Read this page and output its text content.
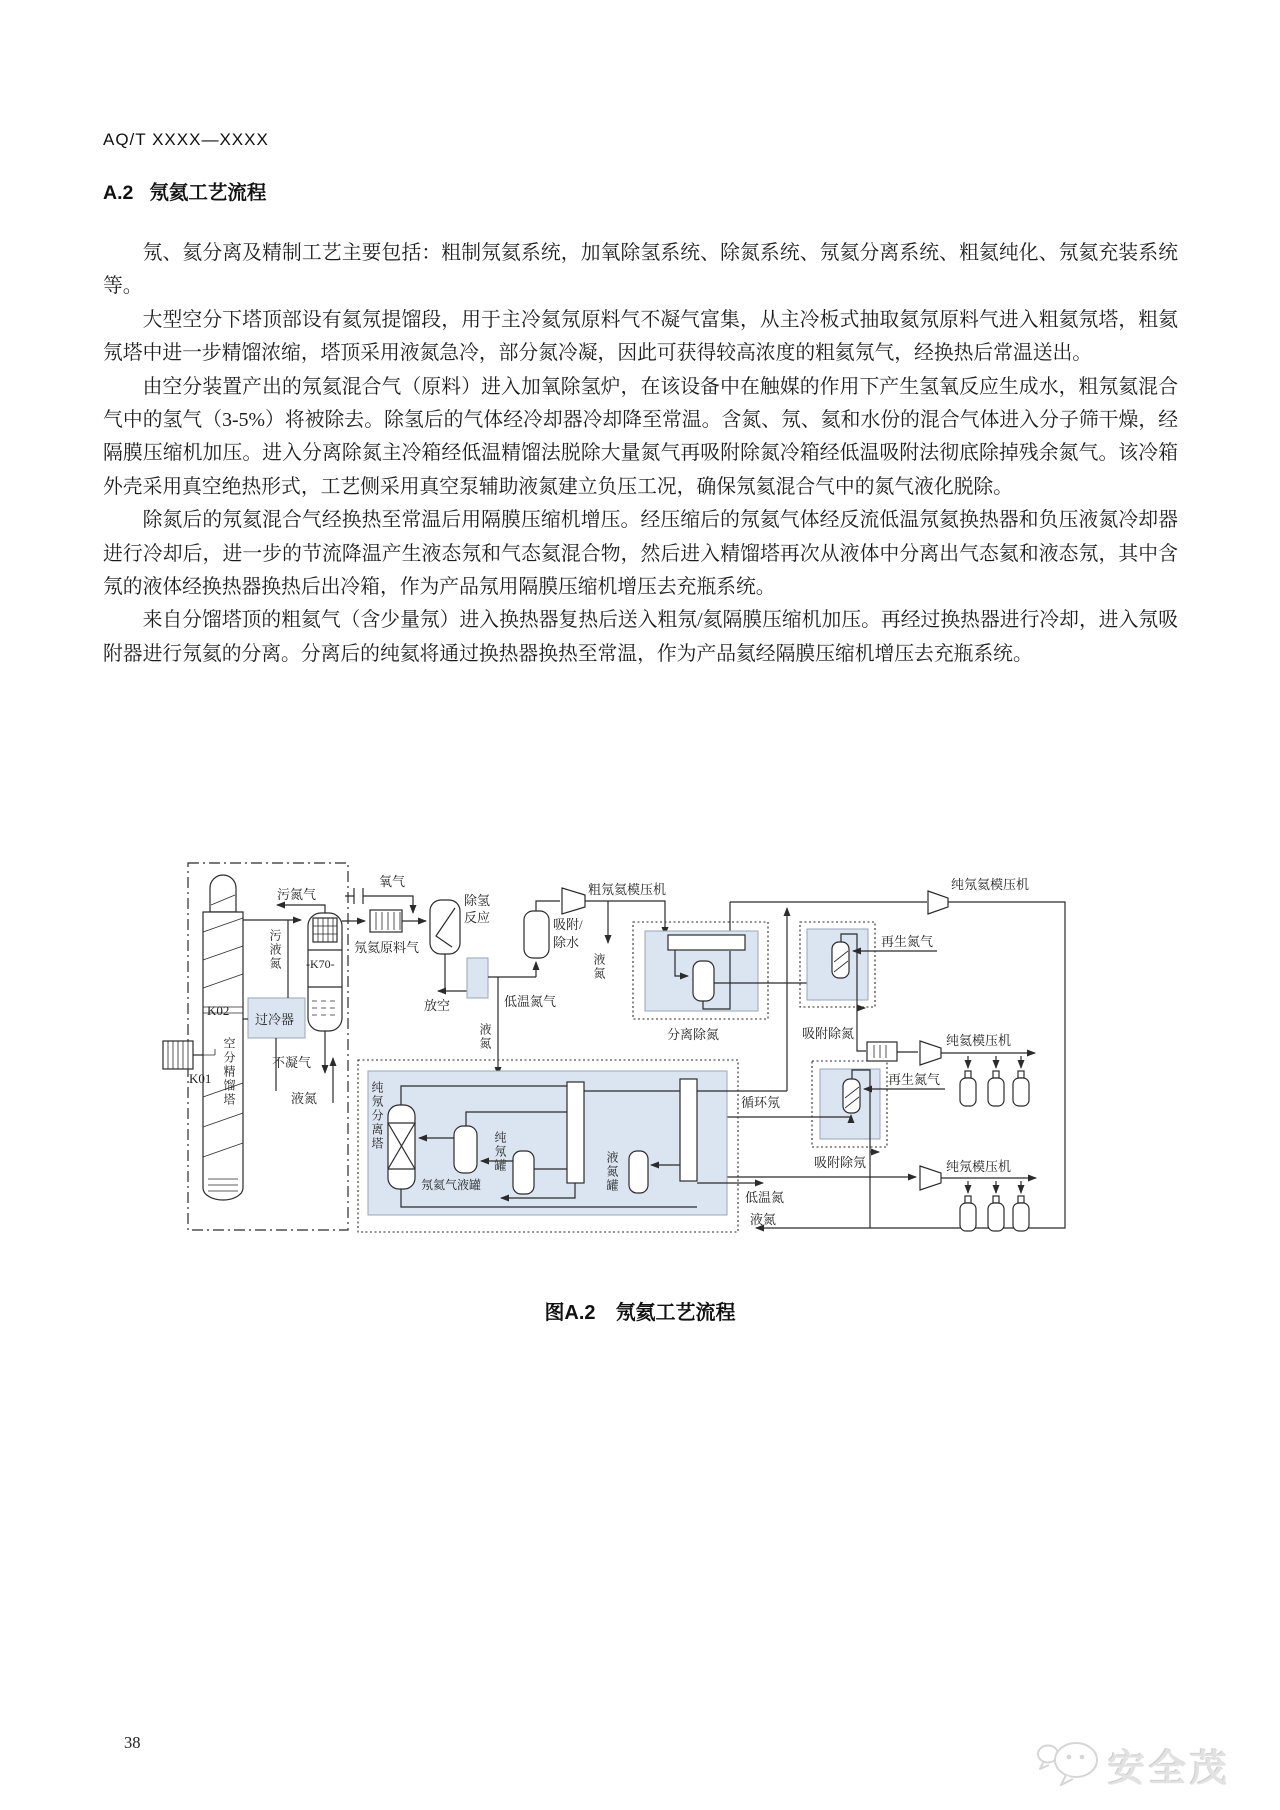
AQ/T XXXX—XXXX
A.2 氖氦工艺流程

氖、氦分离及精制工艺主要包括：粗制氖氦系统，加氧除氢系统、除氮系统、氖氦分离系统、粗氦纯化、氖氦充装系统等。

大型空分下塔顶部设有氦氖提馏段，用于主冷氦氖原料气不凝气富集，从主冷板式抽取氦氖原料气进入粗氦氖塔，粗氦氖塔中进一步精馏浓缩，塔顶采用液氮急冷，部分氮冷凝，因此可获得较高浓度的粗氦氖气，经换热后常温送出。

由空分装置产出的氖氦混合气（原料）进入加氧除氢炉，在该设备中在触媒的作用下产生氢氧反应生成水，粗氖氦混合气中的氢气（3-5%）将被除去。除氢后的气体经冷却器冷却降至常温。含氮、氖、氦和水份的混合气体进入分子筛干燥，经隔膜压缩机加压。进入分离除氮主冷箱经低温精馏法脱除大量氮气再吸附除氮冷箱经低温吸附法彻底除掉残余氮气。该冷箱外壳采用真空绝热形式，工艺侧采用真空泵辅助液氮建立负压工况，确保氖氦混合气中的氮气液化脱除。

除氮后的氖氦混合气经换热至常温后用隔膜压缩机增压。经压缩后的氖氦气体经反流低温氖氦换热器和负压液氮冷却器进行冷却后，进一步的节流降温产生液态氖和气态氦混合物，然后进入精馏塔再次从液体中分离出气态氦和液态氖，其中含氖的液体经换热器换热后出冷箱，作为产品氖用隔膜压缩机增压去充瓶系统。

来自分馏塔顶的粗氦气（含少量氖）进入换热器复热后送入粗氖/氦隔膜压缩机加压。再经过换热器进行冷却，进入氖吸附器进行氖氦的分离。分离后的纯氦将通过换热器换热至常温，作为产品氦经隔膜压缩机增压去充瓶系统。

K02
K01 空分精馏塔	不凝气
液氮
-K70-
过冷器
污氮气
污液氮
氧气
氖氦原料气
除氢
反应
放空	低温氮气
液氮
吸附/
除水
粗氖氦模压机
液氮
纯氖氦模压机
分离除氮
再生氮气
吸附除氮	纯氦模压机
再生氮气
吸附除氖	纯氖模压机
纯氖分离塔
氖氦气液罐
纯氖罐	液氮罐
循环氖
低温氮
液氮
图A.2 氖氦工艺流程
38
安全茂
